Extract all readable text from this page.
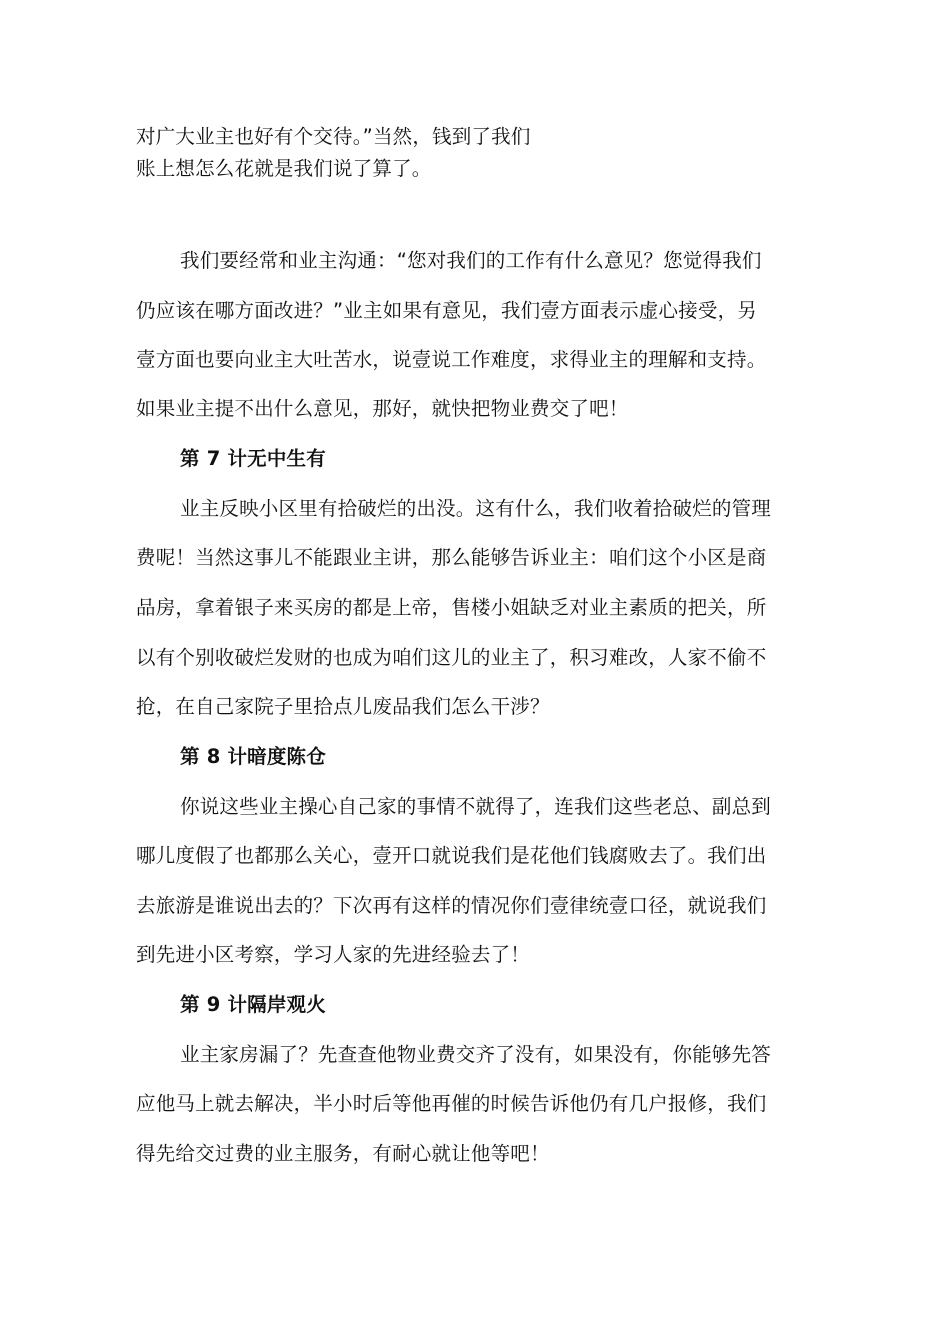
对广大业主也好有个交待。”当然，钱到了我们
账上想怎么花就是我们说了算了。
我们要经常和业主沟通：“您对我们的工作有什么意见？您觉得我们
仍应该在哪方面改进？”业主如果有意见，我们壹方面表示虚心接受，另
壹方面也要向业主大吐苦水，说壹说工作难度，求得业主的理解和支持。
如果业主提不出什么意见，那好，就快把物业费交了吧！
第 7 计无中生有
业主反映小区里有拾破烂的出没。这有什么，我们收着拾破烂的管理
费呢！当然这事儿不能跟业主讲，那么能够告诉业主：咱们这个小区是商
品房，拿着银子来买房的都是上帝，售楼小姐缺乏对业主素质的把关，所
以有个别收破烂发财的也成为咱们这儿的业主了，积习难改，人家不偷不
抢，在自己家院子里拾点儿废品我们怎么干涉？
第 8 计暗度陈仓
你说这些业主操心自己家的事情不就得了，连我们这些老总、副总到
哪儿度假了也都那么关心，壹开口就说我们是花他们钱腐败去了。我们出
去旅游是谁说出去的？下次再有这样的情况你们壹律统壹口径，就说我们
到先进小区考察，学习人家的先进经验去了！
第 9 计隔岸观火
业主家房漏了？先查查他物业费交齐了没有，如果没有，你能够先答
应他马上就去解决，半小时后等他再催的时候告诉他仍有几户报修，我们
得先给交过费的业主服务，有耐心就让他等吧！
